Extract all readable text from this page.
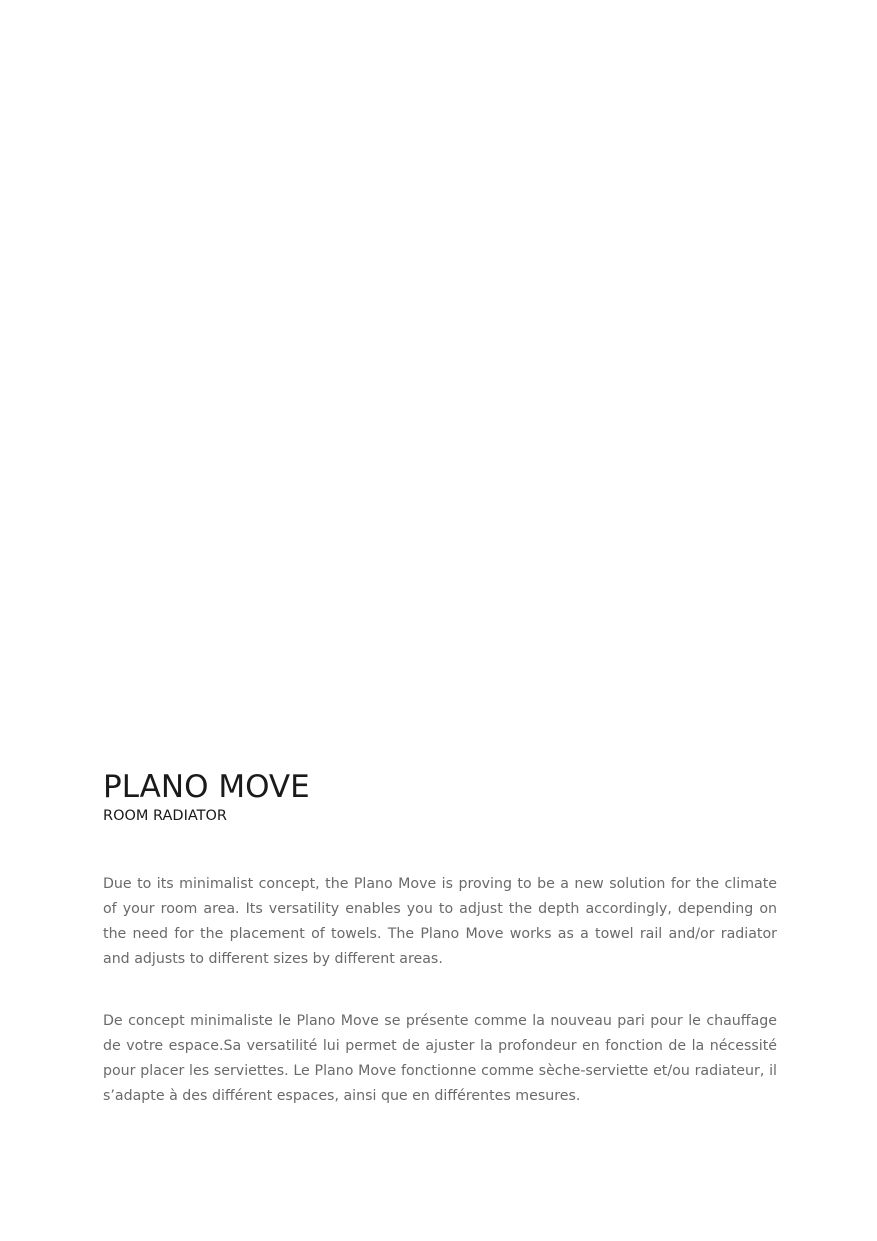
PLANO MOVE
ROOM RADIATOR

Due to its minimalist concept, the Plano Move is proving to be a new solution for the climate of your room area. Its versatility enables you to adjust the depth accordingly, depending on the need for the placement of towels. The Plano Move works as a towel rail and/or radiator and adjusts to different sizes by different areas.

De concept minimaliste le Plano Move se présente comme la nouveau pari pour le chauffage de votre espace.Sa versatilité lui permet de ajuster la profondeur en fonction de la nécessité pour placer les serviettes. Le Plano Move fonctionne comme sèche-serviette et/ou radiateur, il s’adapte à des différent espaces, ainsi que en différentes mesures.
